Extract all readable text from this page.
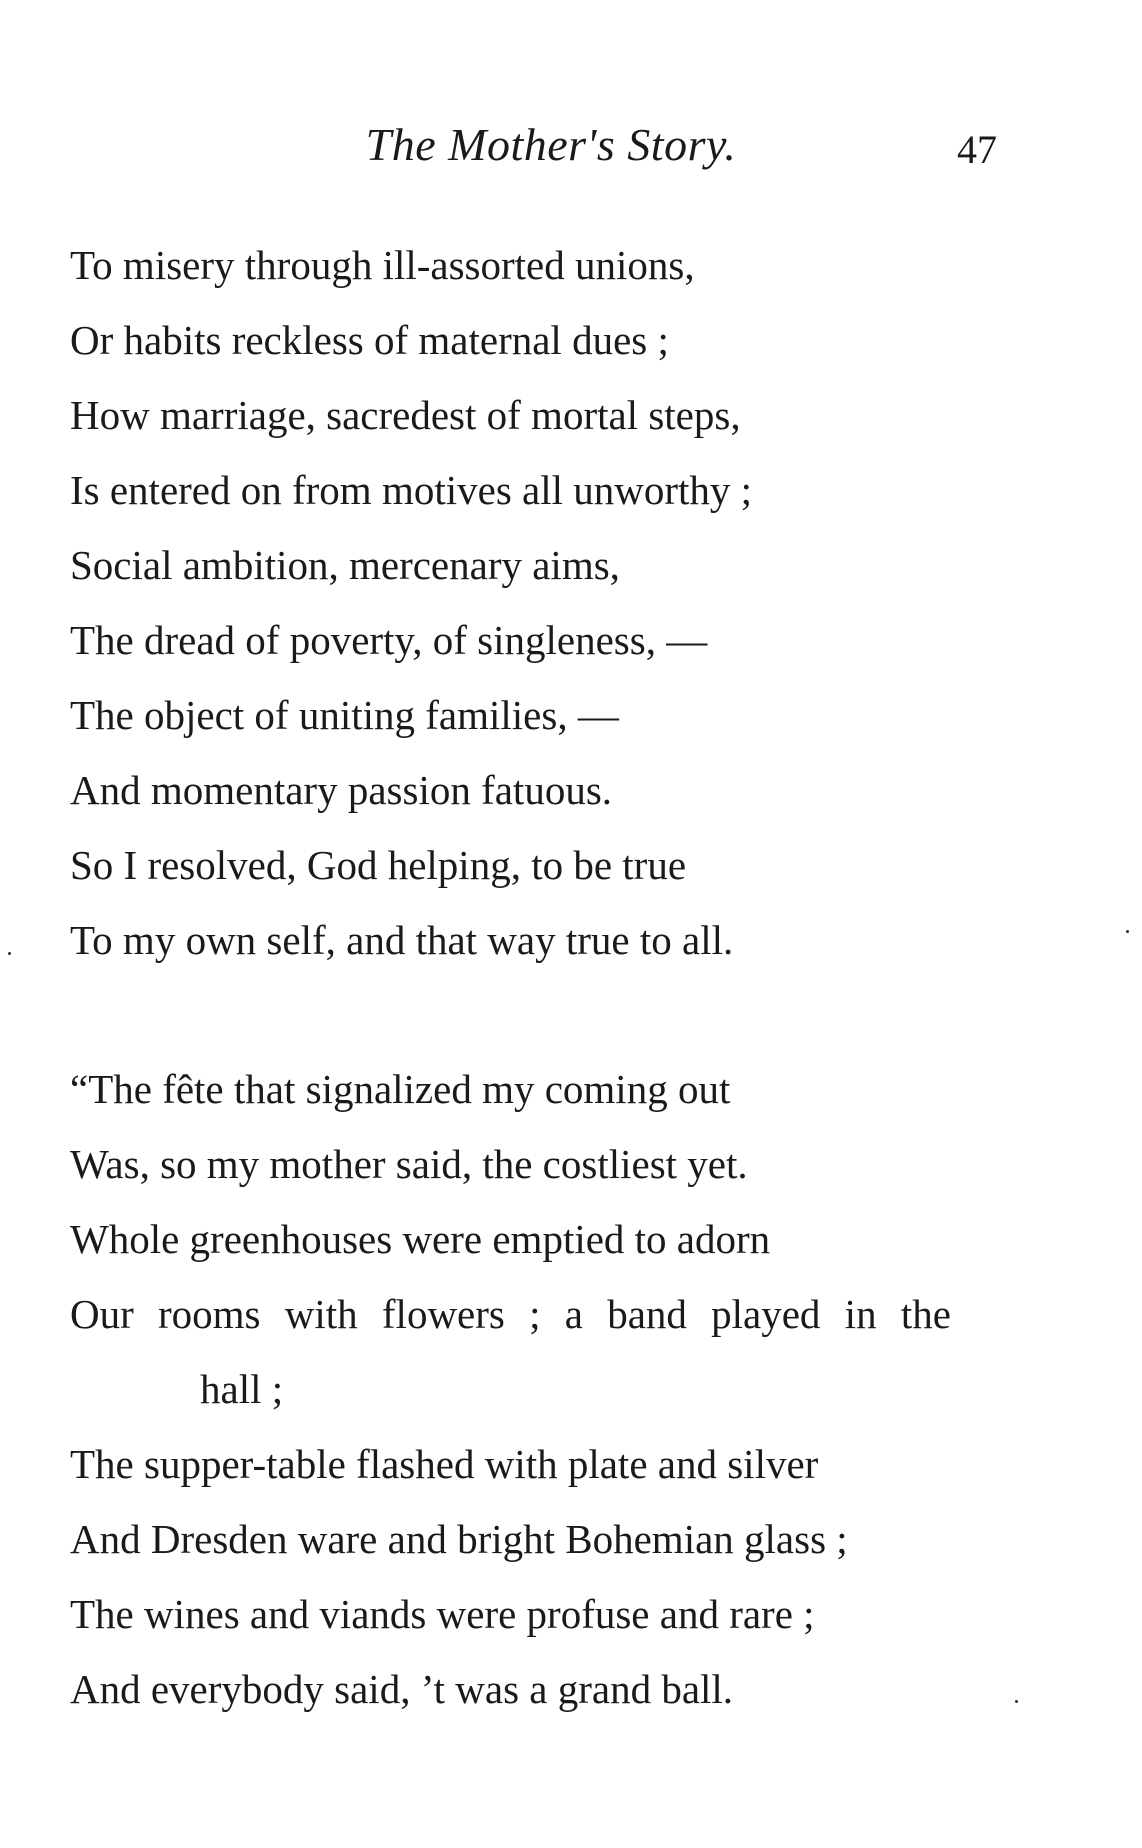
The Mother's Story.	47
To misery through ill-assorted unions,
Or habits reckless of maternal dues ;
How marriage, sacredest of mortal steps,
Is entered on from motives all unworthy ;
Social ambition, mercenary aims,
The dread of poverty, of singleness, —
The object of uniting families, —
And momentary passion fatuous.
So I resolved, God helping, to be true
To my own self, and that way true to all.
“The fête that signalized my coming out
Was, so my mother said, the costliest yet.
Whole greenhouses were emptied to adorn
Our rooms with flowers ; a band played in the
hall ;
The supper-table flashed with plate and silver
And Dresden ware and bright Bohemian glass ;
The wines and viands were profuse and rare ;
And everybody said, ’t was a grand ball.
